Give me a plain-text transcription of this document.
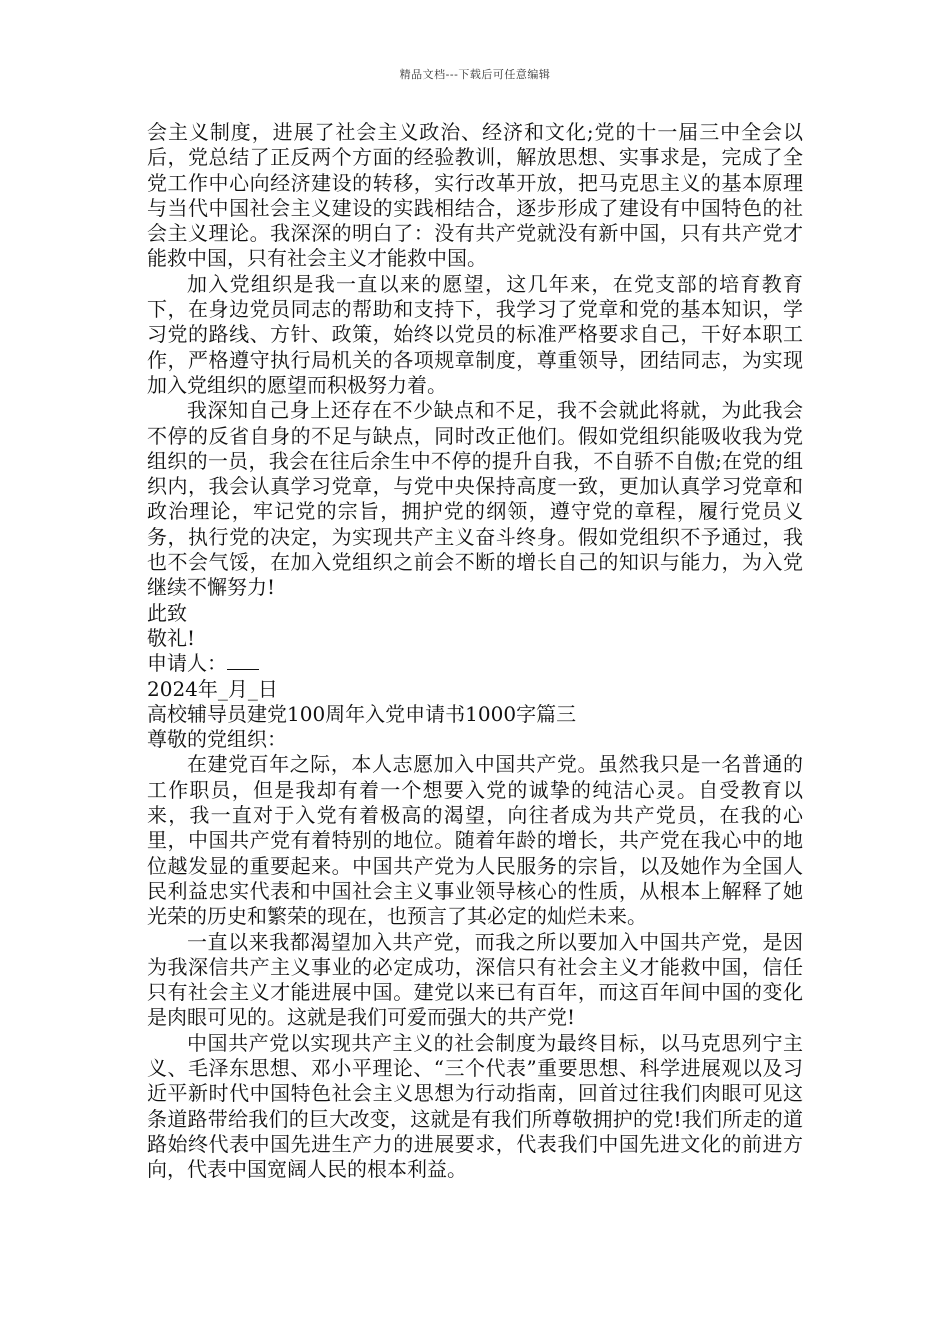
精品文档---下载后可任意编辑

会主义制度，进展了社会主义政治、经济和文化;党的十一届三中全会以后，党总结了正反两个方面的经验教训，解放思想、实事求是，完成了全党工作中心向经济建设的转移，实行改革开放，把马克思主义的基本原理与当代中国社会主义建设的实践相结合，逐步形成了建设有中国特色的社会主义理论。我深深的明白了：没有共产党就没有新中国，只有共产党才能救中国，只有社会主义才能救中国。

加入党组织是我一直以来的愿望，这几年来，在党支部的培育教育下，在身边党员同志的帮助和支持下，我学习了党章和党的基本知识，学习党的路线、方针、政策，始终以党员的标准严格要求自己，干好本职工作，严格遵守执行局机关的各项规章制度，尊重领导，团结同志，为实现加入党组织的愿望而积极努力着。

我深知自己身上还存在不少缺点和不足，我不会就此将就，为此我会不停的反省自身的不足与缺点，同时改正他们。假如党组织能吸收我为党组织的一员，我会在往后余生中不停的提升自我，不自骄不自傲;在党的组织内，我会认真学习党章，与党中央保持高度一致，更加认真学习党章和政治理论，牢记党的宗旨，拥护党的纲领，遵守党的章程，履行党员义务，执行党的决定，为实现共产主义奋斗终身。假如党组织不予通过，我也不会气馁，在加入党组织之前会不断的增长自己的知识与能力，为入党继续不懈努力!

此致

敬礼!

申请人：

2024年_月_日

高校辅导员建党100周年入党申请书1000字篇三

尊敬的党组织：

在建党百年之际，本人志愿加入中国共产党。虽然我只是一名普通的工作职员，但是我却有着一个想要入党的诚挚的纯洁心灵。自受教育以来，我一直对于入党有着极高的渴望，向往者成为共产党员，在我的心里，中国共产党有着特别的地位。随着年龄的增长，共产党在我心中的地位越发显的重要起来。中国共产党为人民服务的宗旨，以及她作为全国人民利益忠实代表和中国社会主义事业领导核心的性质，从根本上解释了她光荣的历史和繁荣的现在，也预言了其必定的灿烂未来。

一直以来我都渴望加入共产党，而我之所以要加入中国共产党，是因为我深信共产主义事业的必定成功，深信只有社会主义才能救中国，信任只有社会主义才能进展中国。建党以来已有百年，而这百年间中国的变化是肉眼可见的。这就是我们可爱而强大的共产党!

中国共产党以实现共产主义的社会制度为最终目标，以马克思列宁主义、毛泽东思想、邓小平理论、“三个代表”重要思想、科学进展观以及习近平新时代中国特色社会主义思想为行动指南，回首过往我们肉眼可见这条道路带给我们的巨大改变，这就是有我们所尊敬拥护的党!我们所走的道路始终代表中国先进生产力的进展要求，代表我们中国先进文化的前进方向，代表中国宽阔人民的根本利益。
